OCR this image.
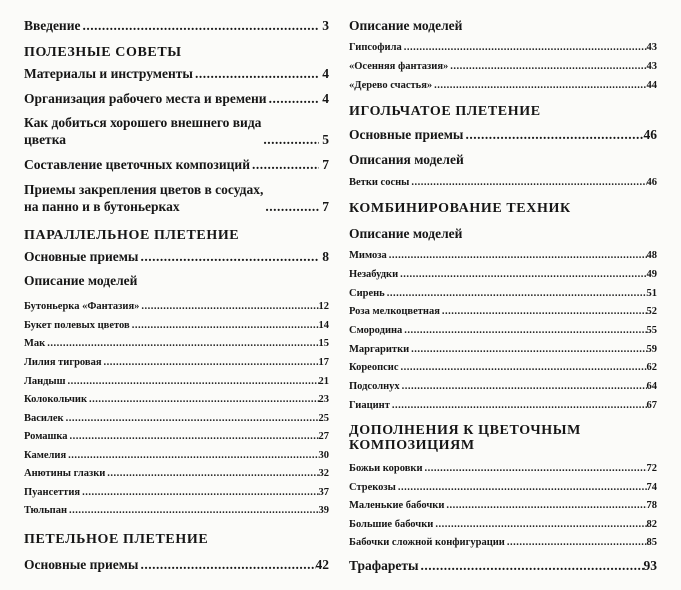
Введение .....	3
ПОЛЕЗНЫЕ СОВЕТЫ
Материалы и инструменты .....	4
Организация рабочего места и времени .....	4
Как добиться хорошего внешнего вида
цветка .....	5
Составление цветочных композиций .....	7
Приемы закрепления цветов в сосудах,
на панно и в бутоньерках .....	7
ПАРАЛЛЕЛЬНОЕ ПЛЕТЕНИЕ
Основные приемы .....	8
Описание моделей
Бутоньерка «Фантазия» .....	12
Букет полевых цветов .....	14
Мак .....	15
Лилия тигровая .....	17
Ландыш .....	21
Колокольчик .....	23
Василек .....	25
Ромашка .....	27
Камелия .....	30
Анютины глазки .....	32
Пуансеттия .....	37
Тюльпан .....	39
ПЕТЕЛЬНОЕ ПЛЕТЕНИЕ
Основные приемы .....	42
Описание моделей
Гипсофила .....	43
«Осенняя фантазия» .....	43
«Дерево счастья» .....	44
ИГОЛЬЧАТОЕ ПЛЕТЕНИЕ
Основные приемы .....	46
Описания моделей
Ветки сосны .....	46
КОМБИНИРОВАНИЕ ТЕХНИК
Описание моделей
Мимоза .....	48
Незабудки .....	49
Сирень .....	51
Роза мелкоцветная .....	52
Смородина .....	55
Маргаритки .....	59
Кореопсис .....	62
Подсолнух .....	64
Гиацинт .....	67
ДОПОЛНЕНИЯ К ЦВЕТОЧНЫМ
КОМПОЗИЦИЯМ
Божьи коровки .....	72
Стрекозы .....	74
Маленькие бабочки .....	78
Большие бабочки .....	82
Бабочки сложной конфигурации .....	85
Трафареты .....	93
